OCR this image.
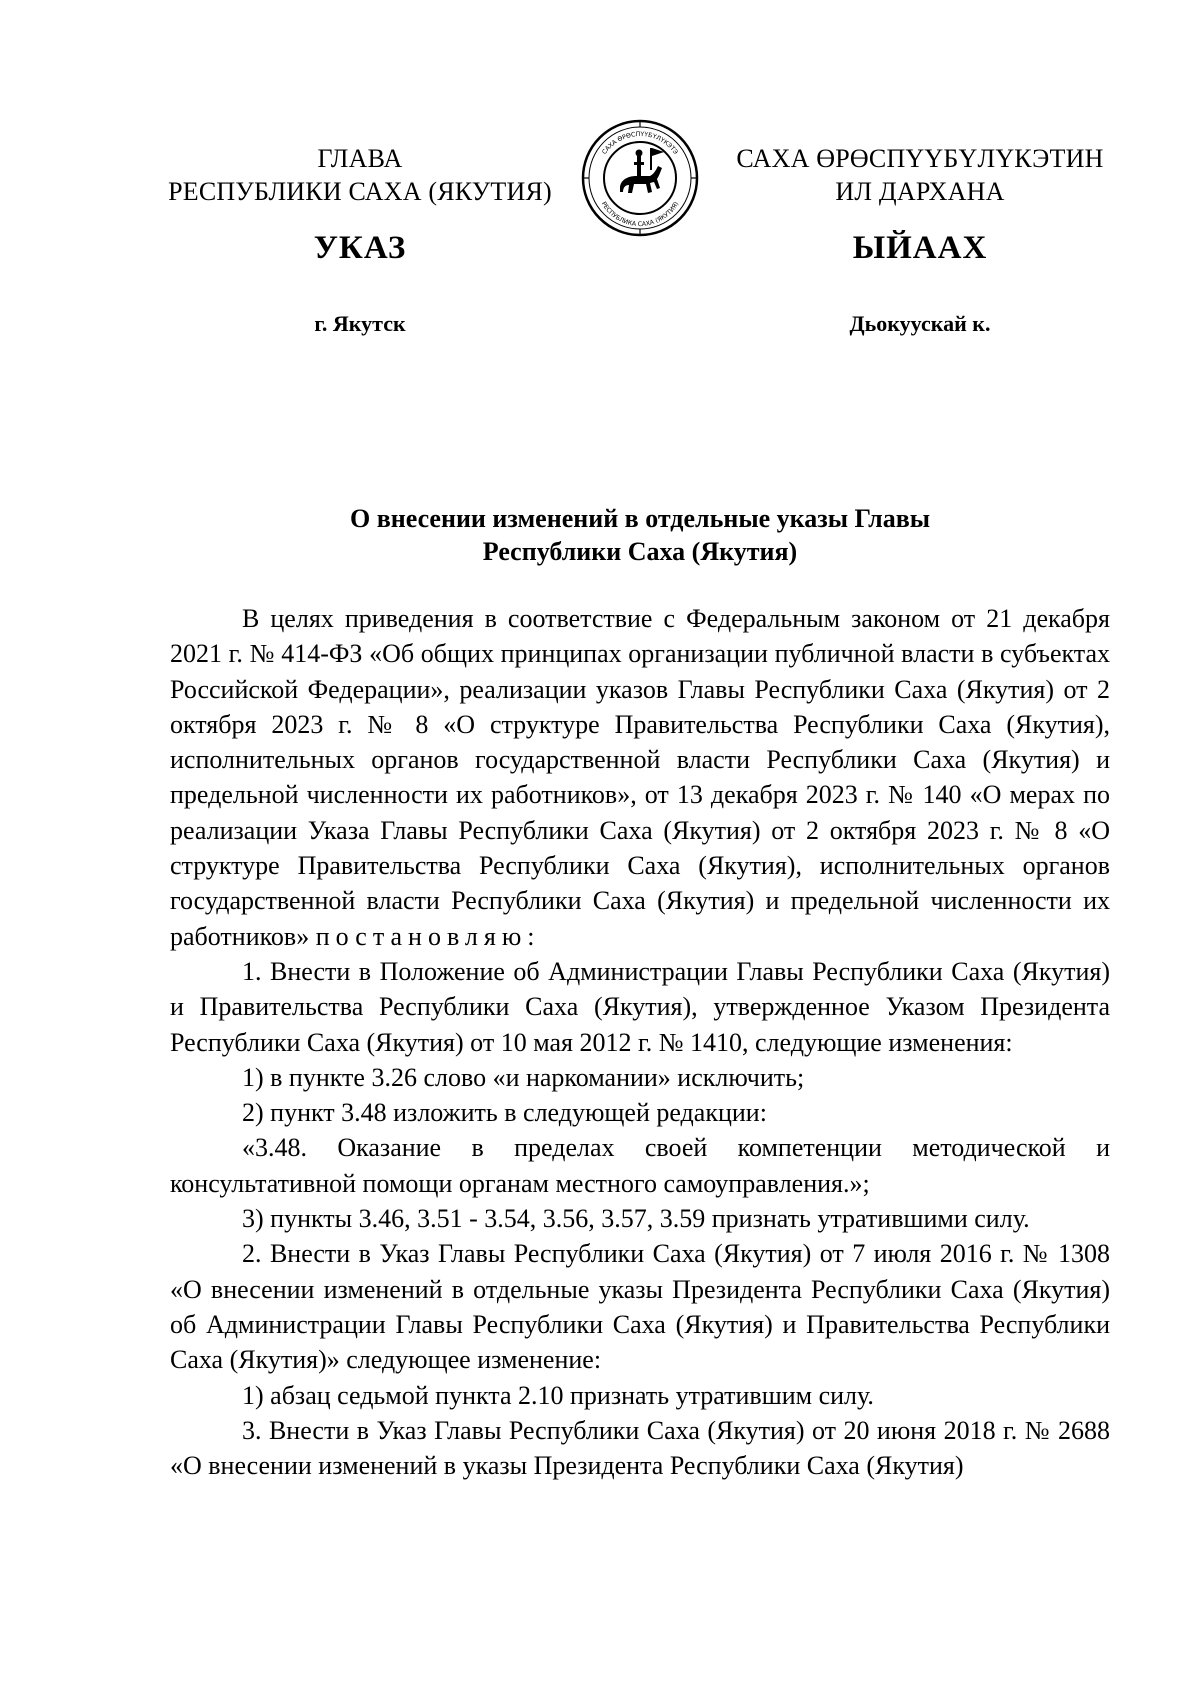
ГЛАВА
РЕСПУБЛИКИ САХА (ЯКУТИЯ)
САХА ӨРӨСПҮҮБҮЛҮКЭТЭ
РЕСПУБЛИКА САХА (ЯКУТИЯ)
САХА ӨРӨСПҮҮБҮЛҮКЭТИН
ИЛ ДАРХАНА
УКАЗ	ЫЙААХ
г. Якутск	Дьокуускай к.
О внесении изменений в отдельные указы Главы
Республики Саха (Якутия)

В целях приведения в соответствие с Федеральным законом от 21 декабря 2021 г. № 414-ФЗ «Об общих принципах организации публичной власти в субъектах Российской Федерации», реализации указов Главы Республики Саха (Якутия) от 2 октября 2023 г. № 8 «О структуре Правительства Республики Саха (Якутия), исполнительных органов государственной власти Республики Саха (Якутия) и предельной численности их работников», от 13 декабря 2023 г. № 140 «О мерах по реализации Указа Главы Республики Саха (Якутия) от 2 октября 2023 г. № 8 «О структуре Правительства Республики Саха (Якутия), исполнительных органов государственной власти Республики Саха (Якутия) и предельной численности их работников» постановляю:

1. Внести в Положение об Администрации Главы Республики Саха (Якутия) и Правительства Республики Саха (Якутия), утвержденное Указом Президента Республики Саха (Якутия) от 10 мая 2012 г. № 1410, следующие изменения:

1) в пункте 3.26 слово «и наркомании» исключить;

2) пункт 3.48 изложить в следующей редакции:

«3.48. Оказание в пределах своей компетенции методической и консультативной помощи органам местного самоуправления.»;

3) пункты 3.46, 3.51 - 3.54, 3.56, 3.57, 3.59 признать утратившими силу.

2. Внести в Указ Главы Республики Саха (Якутия) от 7 июля 2016 г. № 1308 «О внесении изменений в отдельные указы Президента Республики Саха (Якутия) об Администрации Главы Республики Саха (Якутия) и Правительства Республики Саха (Якутия)» следующее изменение:

1) абзац седьмой пункта 2.10 признать утратившим силу.

3. Внести в Указ Главы Республики Саха (Якутия) от 20 июня 2018 г. № 2688 «О внесении изменений в указы Президента Республики Саха (Якутия)
